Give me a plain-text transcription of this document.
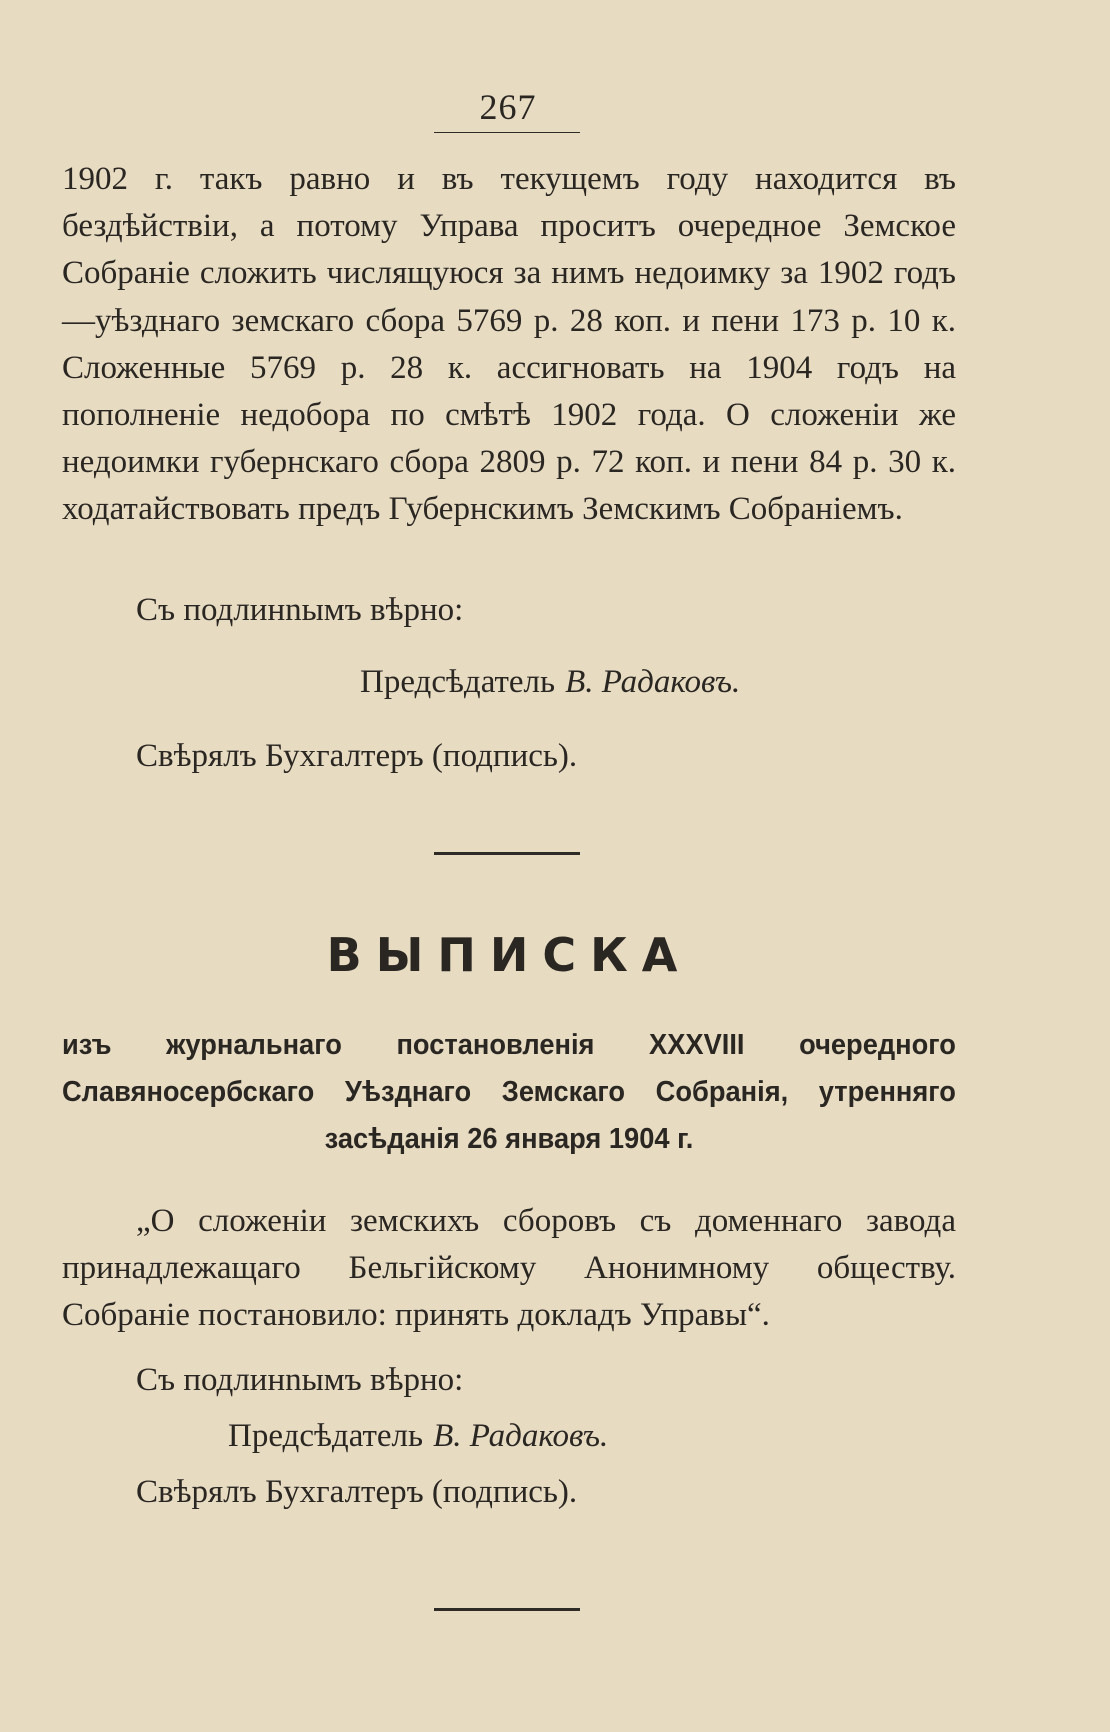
267
1902 г. такъ равно и въ текущемъ году находится въ бездѣйствіи, а потому Управа проситъ очередное Земское Собраніе сложить числящуюся за нимъ недоимку за 1902 годъ—уѣзднаго земскаго сбора 5769 р. 28 коп. и пени 173 р. 10 к. Сложенные 5769 р. 28 к. ассигновать на 1904 годъ на пополненіе недобора по смѣтѣ 1902 года. О сложеніи же недоимки губернскаго сбора 2809 р. 72 коп. и пени 84 р. 30 к. ходатайствовать предъ Губернскимъ Земскимъ Собраніемъ.
Съ подлинnымъ вѣрно:
Предсѣдатель В. Радаковъ.
Свѣрялъ Бухгалтеръ (подпись).
ВЫПИСКА
изъ журнальнаго постановленія XXXVIII очередного Славяносербскаго Уѣзднаго Земскаго Собранія, утренняго засѣданія 26 января 1904 г.
„О сложеніи земскихъ сборовъ съ доменнаго завода принадлежащаго Бельгійскому Анонимному обществу. Собраніе постановило: принять докладъ Управы“.
Съ подлинnымъ вѣрно:
Предсѣдатель В. Радаковъ.
Свѣрялъ Бухгалтеръ (подпись).
